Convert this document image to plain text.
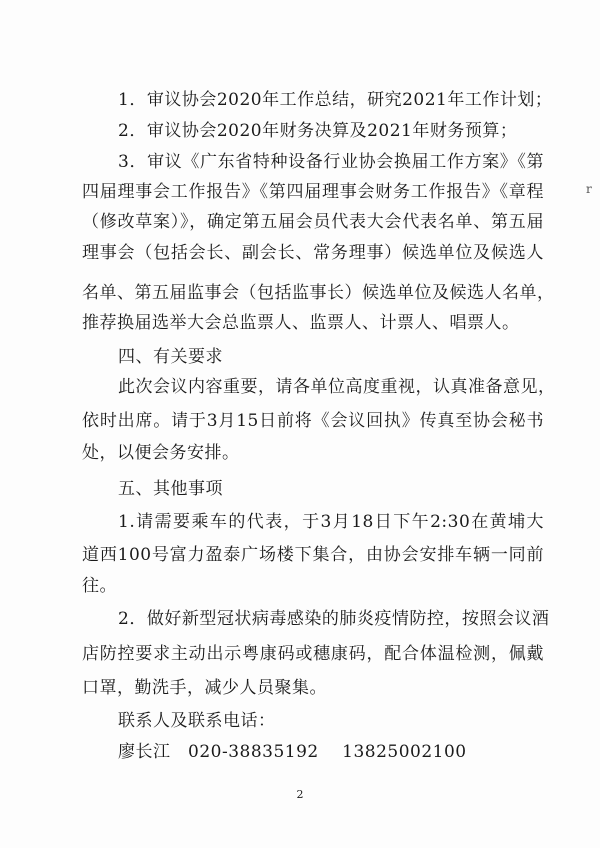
1．审议协会2020年工作总结，研究2021年工作计划；
2．审议协会2020年财务决算及2021年财务预算；
3．审议《广东省特种设备行业协会换届工作方案》《第
四届理事会工作报告》《第四届理事会财务工作报告》《章程
（修改草案）》，确定第五届会员代表大会代表名单、第五届
理事会（包括会长、副会长、常务理事）候选单位及候选人
名单、第五届监事会（包括监事长）候选单位及候选人名单，
推荐换届选举大会总监票人、监票人、计票人、唱票人。
四、有关要求
此次会议内容重要，请各单位高度重视，认真准备意见，
依时出席。请于3月15日前将《会议回执》传真至协会秘书
处，以便会务安排。
五、其他事项
1.请需要乘车的代表，于3月18日下午2:30在黄埔大
道西100号富力盈泰广场楼下集合，由协会安排车辆一同前
往。
2．做好新型冠状病毒感染的肺炎疫情防控，按照会议酒
店防控要求主动出示粤康码或穗康码，配合体温检测，佩戴
口罩，勤洗手，减少人员聚集。
联系人及联系电话：
廖长江　020-38835192　 13825002100
2
r
